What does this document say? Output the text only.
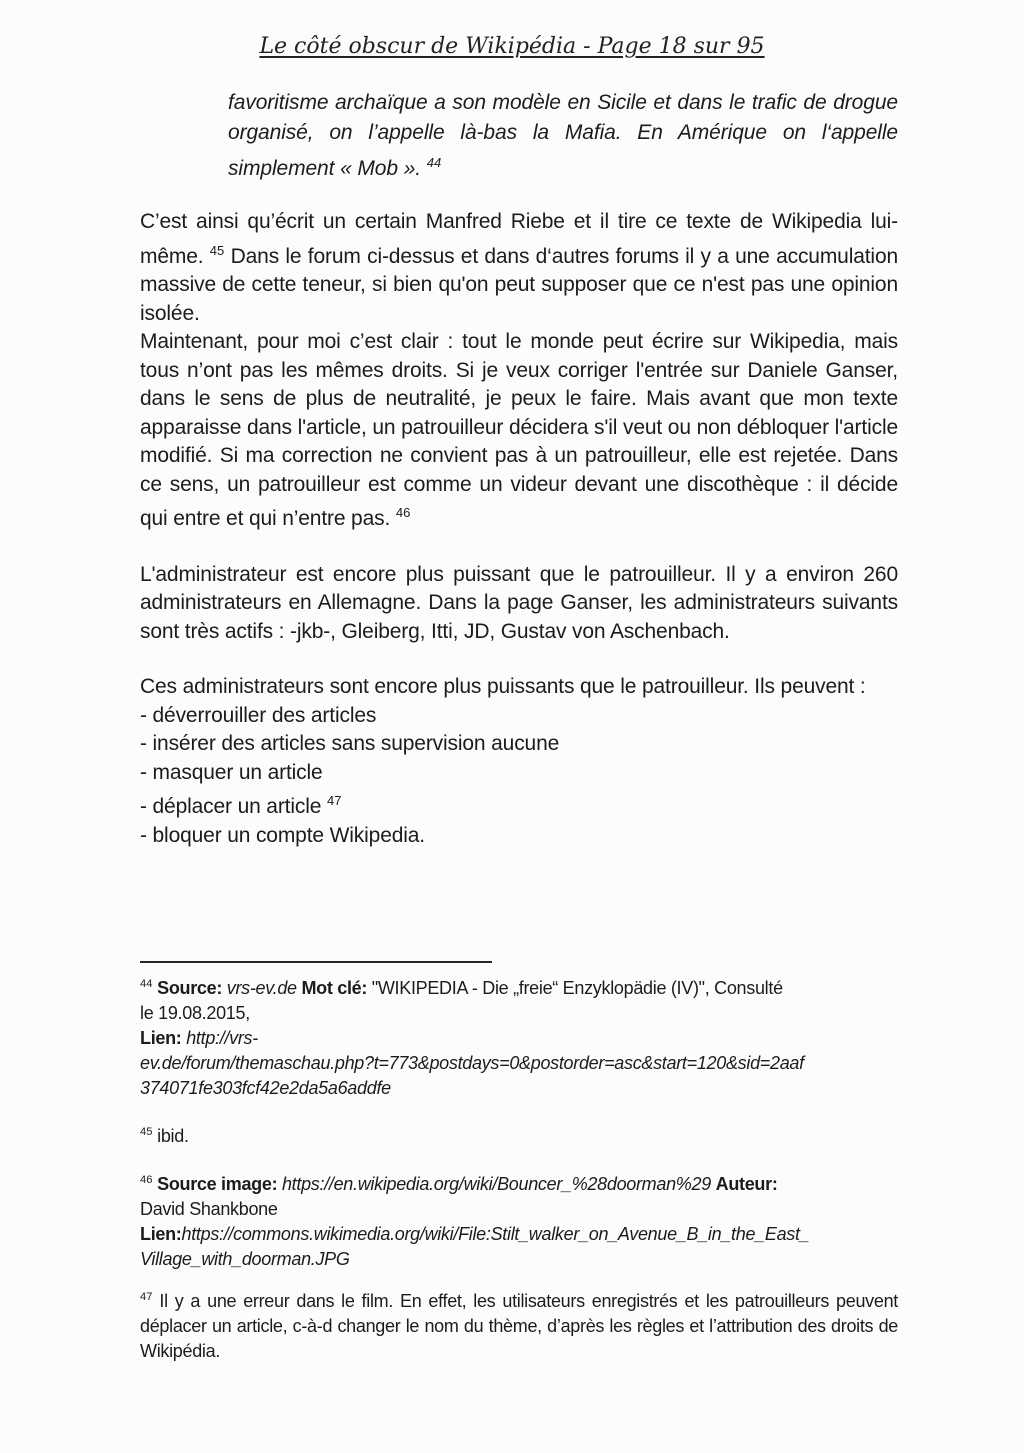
Le côté obscur de Wikipédia - Page 18 sur 95
favoritisme archaïque a son modèle en Sicile et dans le trafic de drogue organisé, on l’appelle là-bas la Mafia. En Amérique on l‘appelle simplement « Mob ». $^{44}$

C’est ainsi qu’écrit un certain Manfred Riebe et il tire ce texte de Wikipedia lui-même. $^{45}$ Dans le forum ci-dessus et dans d‘autres forums il y a une accumulation massive de cette teneur, si bien qu'on peut supposer que ce n'est pas une opinion isolée.

Maintenant, pour moi c’est clair : tout le monde peut écrire sur Wikipedia, mais tous n’ont pas les mêmes droits. Si je veux corriger l'entrée sur Daniele Ganser, dans le sens de plus de neutralité, je peux le faire. Mais avant que mon texte apparaisse dans l'article, un patrouilleur décidera s'il veut ou non débloquer l'article modifié. Si ma correction ne convient pas à un patrouilleur, elle est rejetée. Dans ce sens, un patrouilleur est comme un videur devant une discothèque : il décide qui entre et qui n’entre pas. $^{46}$

L'administrateur est encore plus puissant que le patrouilleur. Il y a environ 260 administrateurs en Allemagne. Dans la page Ganser, les administrateurs suivants sont très actifs : -jkb-, Gleiberg, Itti, JD, Gustav von Aschenbach.

Ces administrateurs sont encore plus puissants que le patrouilleur. Ils peuvent :

- déverrouiller des articles
- insérer des articles sans supervision aucune
- masquer un article
- déplacer un article $^{47}$
- bloquer un compte Wikipedia.
$^{44}$ Source: vrs-ev.de Mot clé: "WIKIPEDIA - Die „freie“ Enzyklopädie (IV)", Consulté
le 19.08.2015,
Lien: http://vrs-
ev.de/forum/themaschau.php?t=773&postdays=0&postorder=asc&start=120&sid=2aaf
374071fe303fcf42e2da5a6addfe
$^{45}$ ibid.
$^{46}$ Source image: https://en.wikipedia.org/wiki/Bouncer_%28doorman%29 Auteur:
David Shankbone
Lien:https://commons.wikimedia.org/wiki/File:Stilt_walker_on_Avenue_B_in_the_East_
Village_with_doorman.JPG
$^{47}$ Il y a une erreur dans le film. En effet, les utilisateurs enregistrés et les patrouilleurs peuvent déplacer un article, c-à-d changer le nom du thème, d’après les règles et l’attribution des droits de Wikipédia.
